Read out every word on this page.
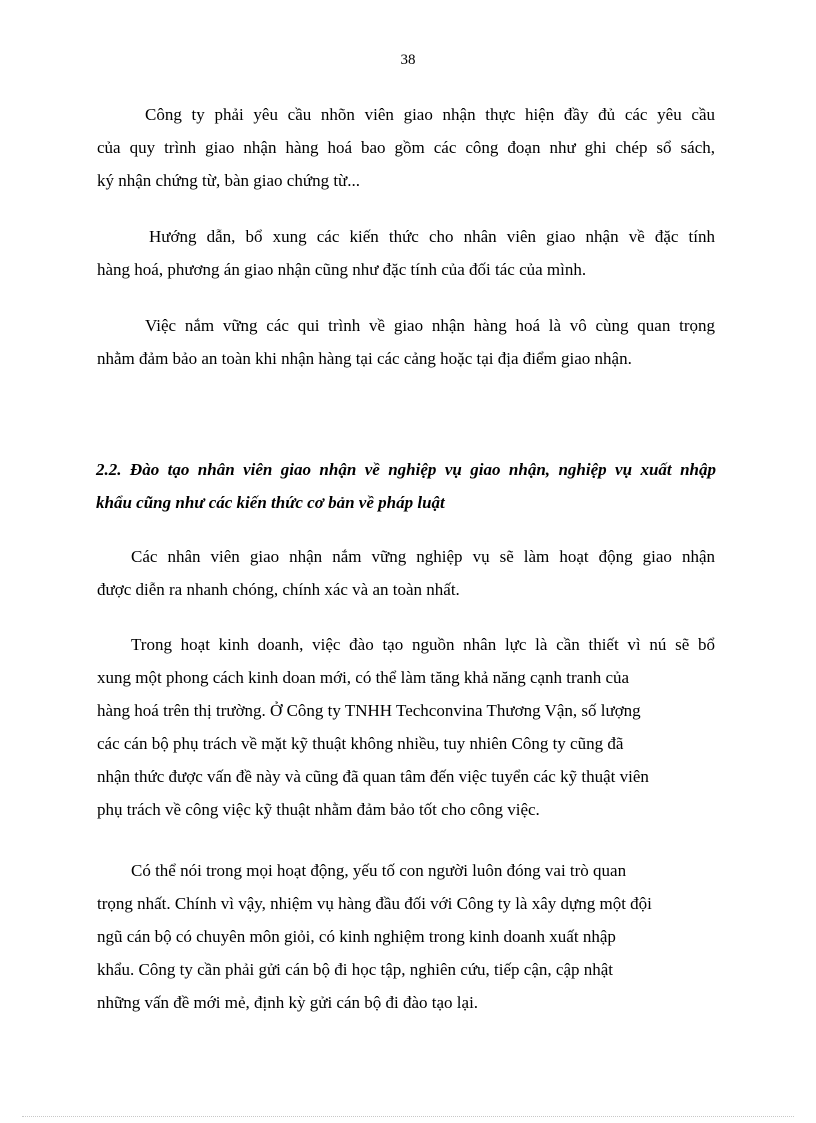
38

Công ty phải yêu cầu nhõn viên giao nhận thực hiện đầy đủ các yêu cầu
của quy trình giao nhận hàng hoá bao gồm các công đoạn như ghi chép sổ sách,
ký nhận chứng từ, bàn giao chứng từ...

Hướng dẫn, bổ xung các kiến thức cho nhân viên giao nhận về đặc tính
hàng hoá, phương án giao nhận cũng như đặc tính của đối tác của mình.

Việc nắm vững các qui trình về giao nhận hàng hoá là vô cùng quan trọng
nhằm đảm bảo an toàn khi nhận hàng tại các cảng hoặc tại địa điểm giao nhận.

2.2. Đào tạo nhân viên giao nhận về nghiệp vụ giao nhận, nghiệp vụ xuất nhập
khẩu cũng như các kiến thức cơ bản về pháp luật

Các nhân viên giao nhận nắm vững nghiệp vụ sẽ làm hoạt động giao nhận
được diễn ra nhanh chóng, chính xác và an toàn nhất.

Trong hoạt kinh doanh, việc đào tạo nguồn nhân lực là cần thiết vì nú sẽ bổ
xung một phong cách kinh doan mới, có thể làm tăng khả năng cạnh tranh của
hàng hoá trên thị trường. Ở Công ty TNHH Techconvina Thương Vận, số lượng
các cán bộ phụ trách về mặt kỹ thuật không nhiều, tuy nhiên Công ty cũng đã
nhận thức được vấn đề này và cũng đã quan tâm đến việc tuyển các kỹ thuật viên
phụ trách về công việc kỹ thuật nhằm đảm bảo tốt cho công việc.

Có thể nói trong mọi hoạt động, yếu tố con người luôn đóng vai trò quan
trọng nhất. Chính vì vậy, nhiệm vụ hàng đầu đối với Công ty là xây dựng một đội
ngũ cán bộ có chuyên môn giỏi, có kinh nghiệm trong kinh doanh xuất nhập
khẩu. Công ty cần phải gửi cán bộ đi học tập, nghiên cứu, tiếp cận, cập nhật
những vấn đề mới mẻ, định kỳ gửi cán bộ đi đào tạo lại.
